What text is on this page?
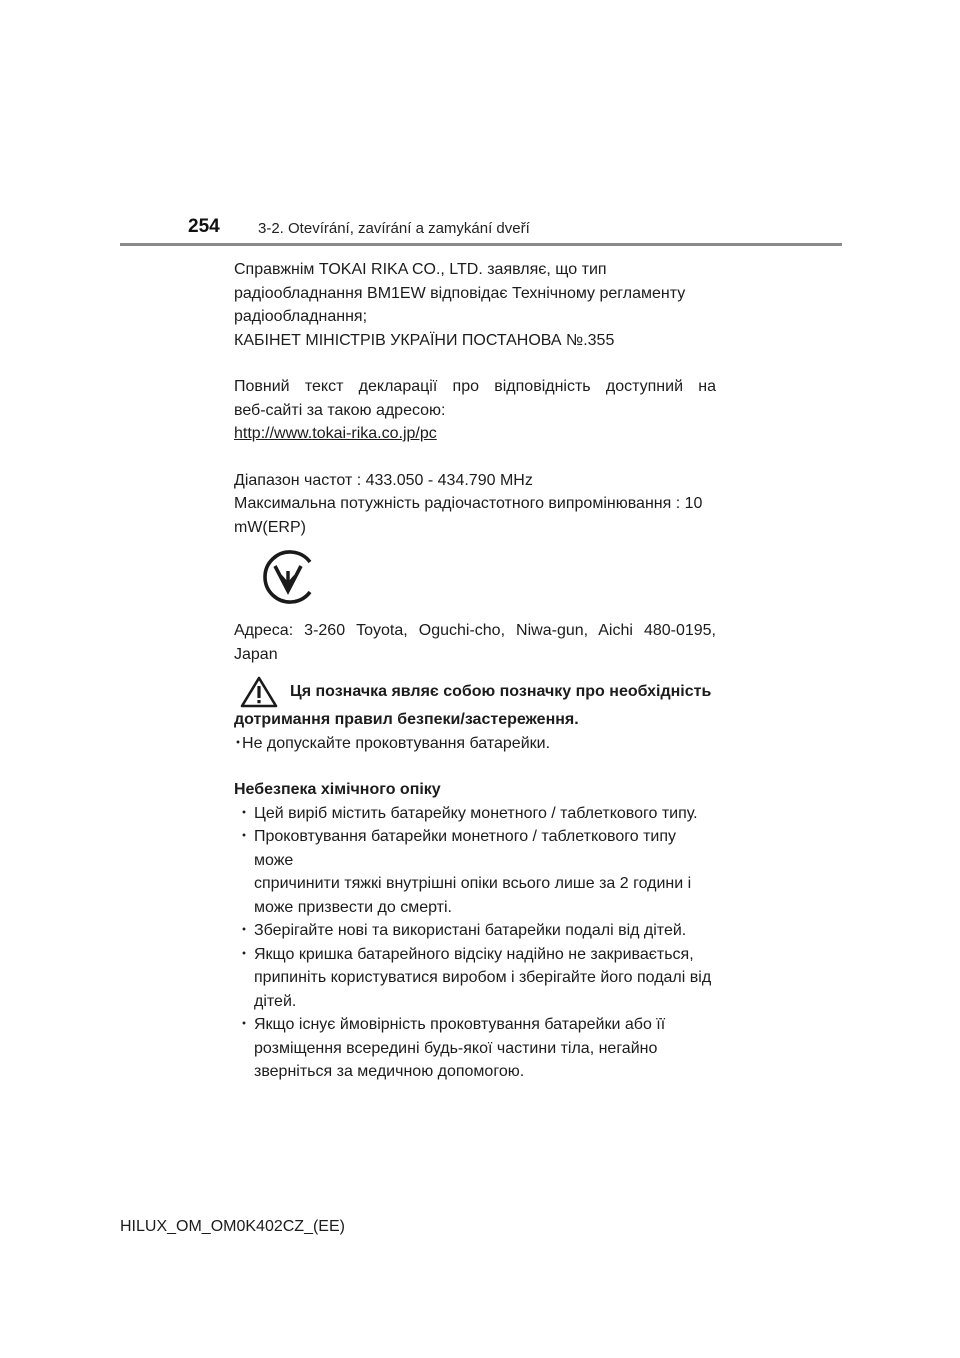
254	3-2. Otevírání, zavírání a zamykání dveří

Справжнім TOKAI RIKA CO., LTD. заявляє, що тип

радіообладнання BM1EW відповідає Технічному регламенту

радіообладнання;

КАБІНЕТ МІНІСТРІВ УКРАЇНИ ПОСТАНОВА №.355

Повний текст декларації про відповідність доступний на

веб-сайті за такою адресою:

http://www.tokai-rika.co.jp/pc

Діапазон частот : 433.050 - 434.790 MHz

Максимальна потужність радіочастотного випромінювання : 10

mW(ERP)

Адреса: 3-260 Toyota, Oguchi-cho, Niwa-gun, Aichi 480-0195,

Japan

Ця позначка являє собою позначку про необхідність

дотримання правил безпеки/застереження.

･Не допускайте проковтування батарейки.

Небезпека хімічного опіку

･ Цей виріб містить батарейку монетного / таблеткового типу.

･ Проковтування батарейки монетного / таблеткового типу може

спричинити тяжкі внутрішні опіки всього лише за 2 години і

може призвести до смерті.

･ Зберігайте нові та використані батарейки подалі від дітей.

･ Якщо кришка батарейного відсіку надійно не закривається,

припиніть користуватися виробом і зберігайте його подалі від

дітей.

･ Якщо існує ймовірність проковтування батарейки або її

розміщення всередині будь-якої частини тіла, негайно

зверніться за медичною допомогою.

HILUX_OM_OM0K402CZ_(EE)
